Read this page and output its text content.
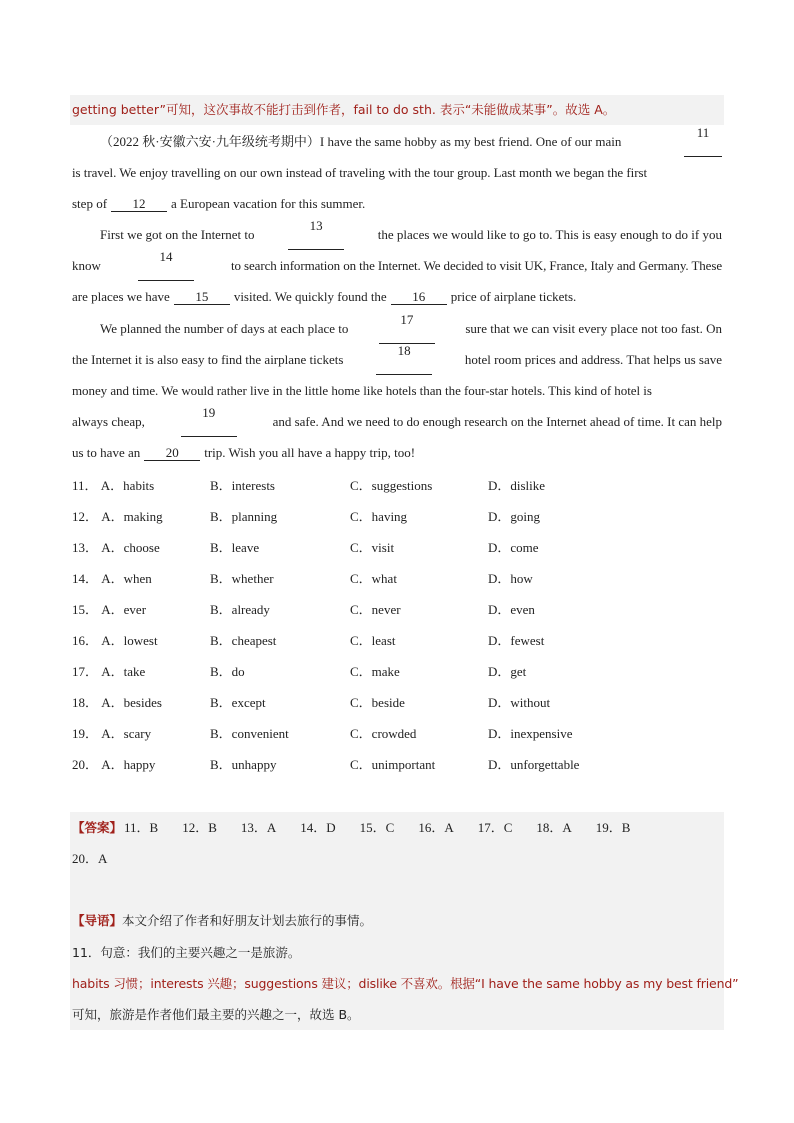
getting better”可知，这次事故不能打击到作者，fail to do sth. 表示“未能做成某事”。故选 A。
（2022 秋·安徽六安·九年级统考期中）I have the same hobby as my best friend. One of our main
11
is travel. We enjoy travelling on our own instead of traveling with the tour group. Last month we began the first
step of 12 a European vacation for this summer.
First we got on the Internet to
13
the places we would like to go to. This is easy enough to do if you
know
14
to search information on the Internet. We decided to visit UK, France, Italy and Germany. These
are places we have 15 visited. We quickly found the 16 price of airplane tickets.
We planned the number of days at each place to
17
sure that we can visit every place not too fast. On
the Internet it is also easy to find the airplane tickets
18
hotel room prices and address. That helps us save
money and time. We would rather live in the little home like hotels than the four-star hotels. This kind of hotel is
always cheap,
19
and safe. And we need to do enough research on the Internet ahead of time. It can help
us to have an 20 trip. Wish you all have a happy trip, too!
11． A．habits	B．interests	C．suggestions	D．dislike
12． A．making	B．planning	C．having	D．going
13． A．choose	B．leave	C．visit	D．come
14． A．when	B．whether	C．what	D．how
15． A．ever	B．already	C．never	D．even
16． A．lowest	B．cheapest	C．least	D．fewest
17． A．take	B．do	C．make	D．get
18． A．besides	B．except	C．beside	D．without
19． A．scary	B．convenient	C．crowded	D．inexpensive
20． A．happy	B．unhappy	C．unimportant	D．unforgettable
【答案】 11．B 12．B 13．A 14．D 15．C 16．A 17．C 18．A 19．B
20．A
【导语】本文介绍了作者和好朋友计划去旅行的事情。
11．句意：我们的主要兴趣之一是旅游。
habits 习惯；interests 兴趣；suggestions 建议；dislike 不喜欢。根据“I have the same hobby as my best friend”
可知，旅游是作者他们最主要的兴趣之一，故选 B。
